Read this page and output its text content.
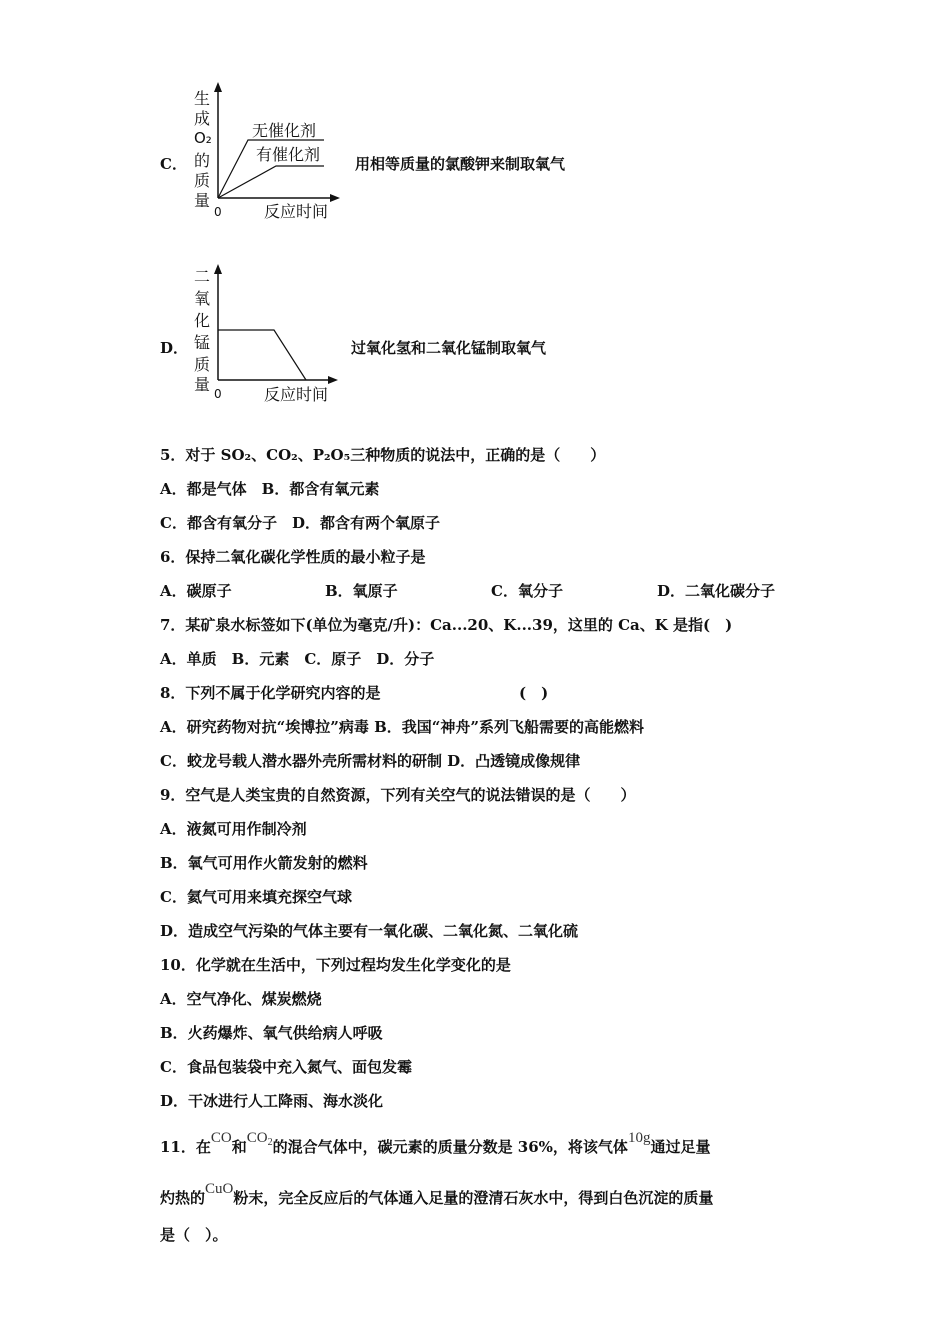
C．
生
成
O₂
的
质
量
0	反应时间
无催化剂
有催化剂 用相等质量的氯酸钾来制取氧气
D．
二
氧
化
锰
质
量 0	反应时间
过氧化氢和二氧化锰制取氧气
5．对于 SO₂、CO₂、P₂O₅三种物质的说法中，正确的是（　　）
A．都是气体　B．都含有氧元素
C．都含有氧分子　D．都含有两个氧原子
6．保持二氧化碳化学性质的最小粒子是
A．碳原子	B．氧原子	C．氧分子	D．二氧化碳分子
7．某矿泉水标签如下(单位为毫克/升)：Ca...20、K...39，这里的 Ca、K 是指(　)
A．单质　B．元素　C．原子　D．分子
8．下列不属于化学研究内容的是	(　)
A．研究药物对抗“埃博拉”病毒 B．我国“神舟”系列飞船需要的高能燃料
C．蛟龙号载人潜水器外壳所需材料的研制 D．凸透镜成像规律
9．空气是人类宝贵的自然资源，下列有关空气的说法错误的是（　　）
A．液氮可用作制冷剂
B．氧气可用作火箭发射的燃料
C．氦气可用来填充探空气球
D．造成空气污染的气体主要有一氧化碳、二氧化氮、二氧化硫
10．化学就在生活中，下列过程均发生化学变化的是
A．空气净化、煤炭燃烧
B．火药爆炸、氧气供给病人呼吸
C．食品包装袋中充入氮气、面包发霉
D．干冰进行人工降雨、海水淡化
11．在CO和$CO_2$的混合气体中，碳元素的质量分数是 36%，将该气体10g通过足量
灼热的CuO粉末，完全反应后的气体通入足量的澄清石灰水中，得到白色沉淀的质量
是（　）。
